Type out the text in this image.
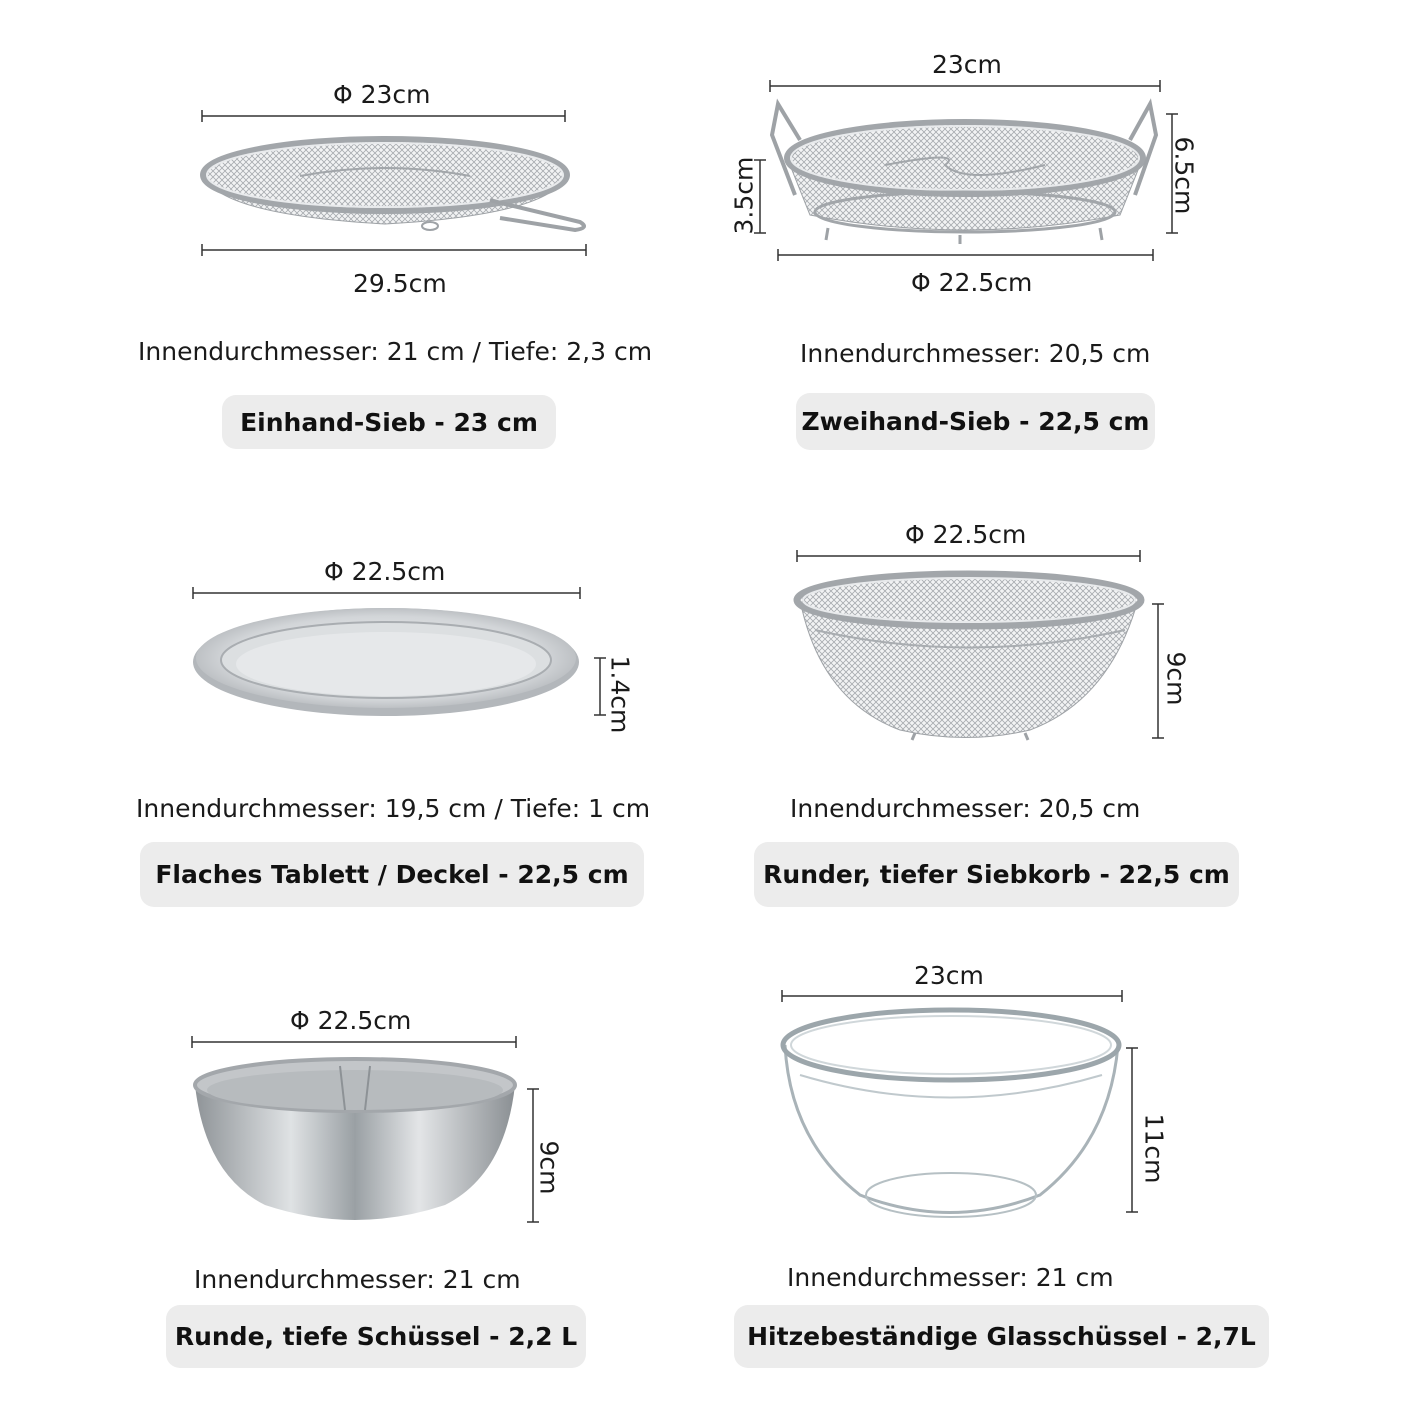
Φ 23cm
29.5cm
Innendurchmesser: 21 cm / Tiefe: 2,3 cm
Einhand-Sieb - 23 cm
23cm
Φ 22.5cm
3.5cm	6.5cm
Innendurchmesser: 20,5 cm
Zweihand-Sieb - 22,5 cm
Φ 22.5cm
1.4cm
Innendurchmesser: 19,5 cm / Tiefe: 1 cm
Flaches Tablett / Deckel - 22,5 cm
Φ 22.5cm
9cm
Innendurchmesser: 20,5 cm
Runder, tiefer Siebkorb - 22,5 cm
Φ 22.5cm
9cm
Innendurchmesser: 21 cm
Runde, tiefe Schüssel - 2,2 L
23cm
11cm
Innendurchmesser: 21 cm
Hitzebeständige Glasschüssel - 2,7L
